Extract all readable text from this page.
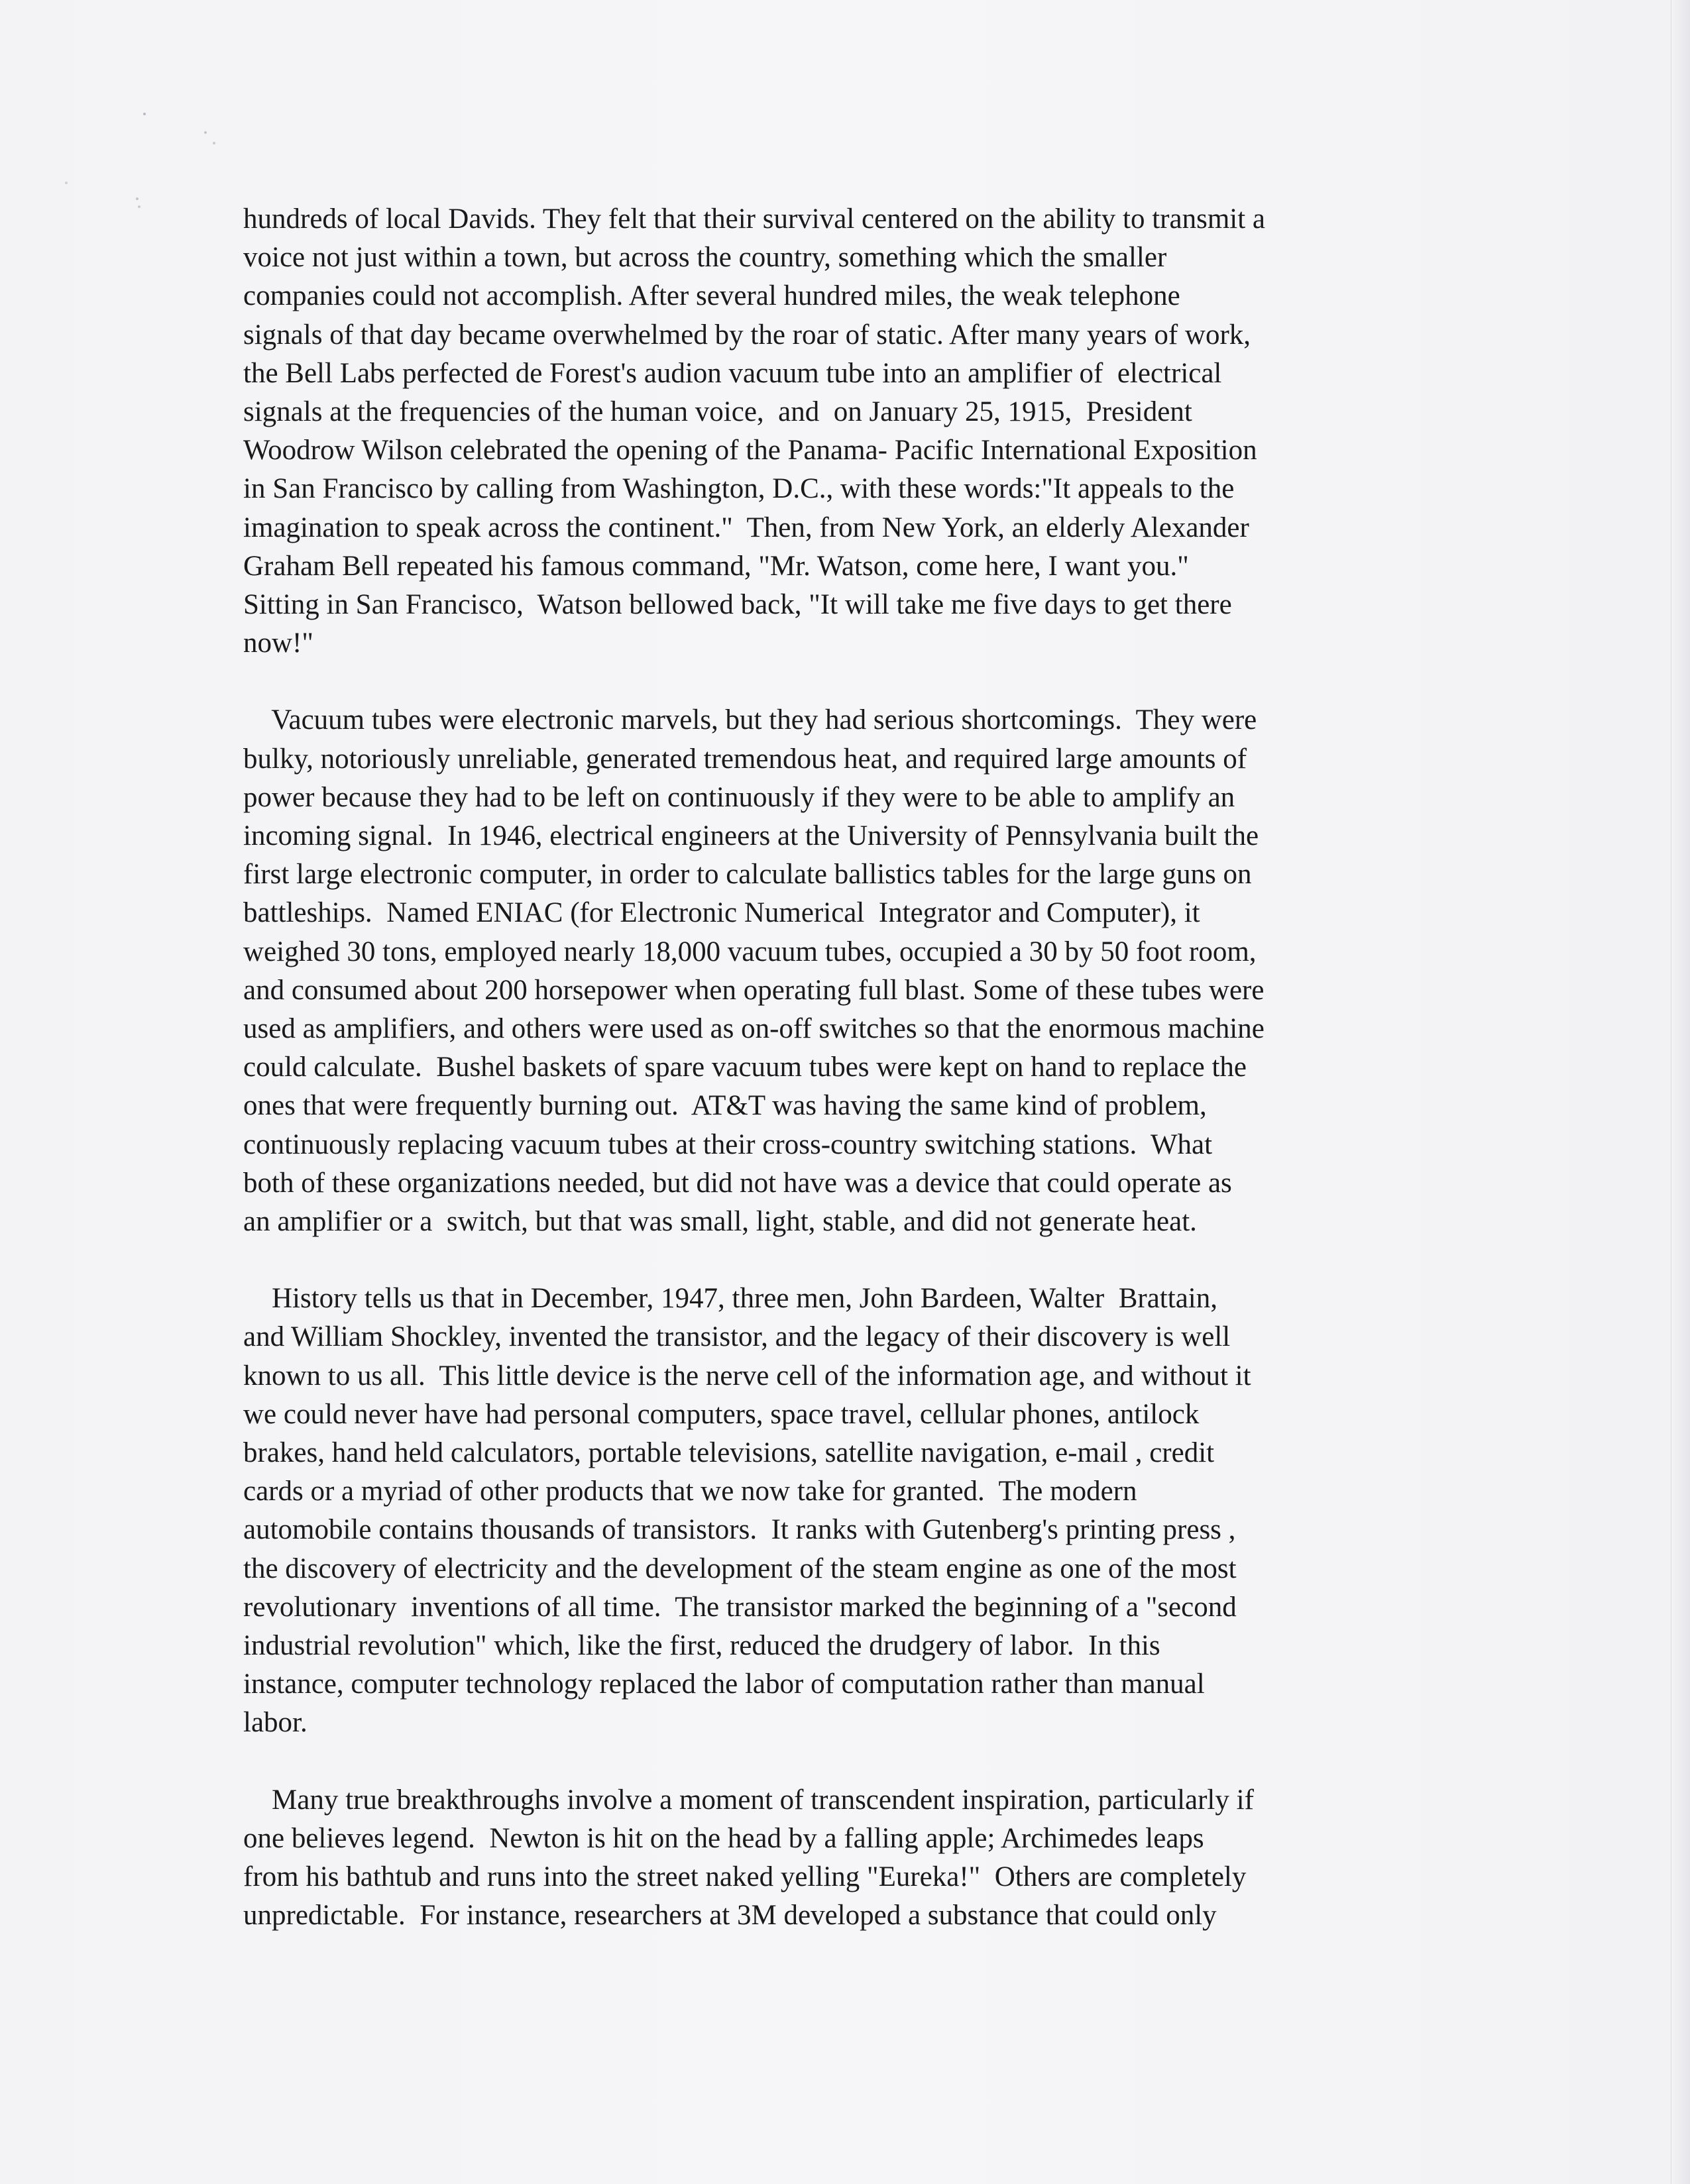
hundreds of local Davids. They felt that their survival centered on the ability to transmit a

voice not just within a town, but across the country, something which the smaller

companies could not accomplish. After several hundred miles, the weak telephone

signals of that day became overwhelmed by the roar of static. After many years of work,

the Bell Labs perfected de Forest's audion vacuum tube into an amplifier of  electrical

signals at the frequencies of the human voice,  and  on January 25, 1915,  President

Woodrow Wilson celebrated the opening of the Panama- Pacific International Exposition

in San Francisco by calling from Washington, D.C., with these words:"It appeals to the

imagination to speak across the continent."  Then, from New York, an elderly Alexander

Graham Bell repeated his famous command, "Mr. Watson, come here, I want you."

Sitting in San Francisco,  Watson bellowed back, "It will take me five days to get there

now!"

Vacuum tubes were electronic marvels, but they had serious shortcomings.  They were

bulky, notoriously unreliable, generated tremendous heat, and required large amounts of

power because they had to be left on continuously if they were to be able to amplify an

incoming signal.  In 1946, electrical engineers at the University of Pennsylvania built the

first large electronic computer, in order to calculate ballistics tables for the large guns on

battleships.  Named ENIAC (for Electronic Numerical  Integrator and Computer), it

weighed 30 tons, employed nearly 18,000 vacuum tubes, occupied a 30 by 50 foot room,

and consumed about 200 horsepower when operating full blast. Some of these tubes were

used as amplifiers, and others were used as on-off switches so that the enormous machine

could calculate.  Bushel baskets of spare vacuum tubes were kept on hand to replace the

ones that were frequently burning out.  AT&T was having the same kind of problem,

continuously replacing vacuum tubes at their cross-country switching stations.  What

both of these organizations needed, but did not have was a device that could operate as

an amplifier or a  switch, but that was small, light, stable, and did not generate heat.

History tells us that in December, 1947, three men, John Bardeen, Walter  Brattain,

and William Shockley, invented the transistor, and the legacy of their discovery is well

known to us all.  This little device is the nerve cell of the information age, and without it

we could never have had personal computers, space travel, cellular phones, antilock

brakes, hand held calculators, portable televisions, satellite navigation, e-mail , credit

cards or a myriad of other products that we now take for granted.  The modern

automobile contains thousands of transistors.  It ranks with Gutenberg's printing press ,

the discovery of electricity and the development of the steam engine as one of the most

revolutionary  inventions of all time.  The transistor marked the beginning of a "second

industrial revolution" which, like the first, reduced the drudgery of labor.  In this

instance, computer technology replaced the labor of computation rather than manual

labor.

Many true breakthroughs involve a moment of transcendent inspiration, particularly if

one believes legend.  Newton is hit on the head by a falling apple; Archimedes leaps

from his bathtub and runs into the street naked yelling "Eureka!"  Others are completely

unpredictable.  For instance, researchers at 3M developed a substance that could only
